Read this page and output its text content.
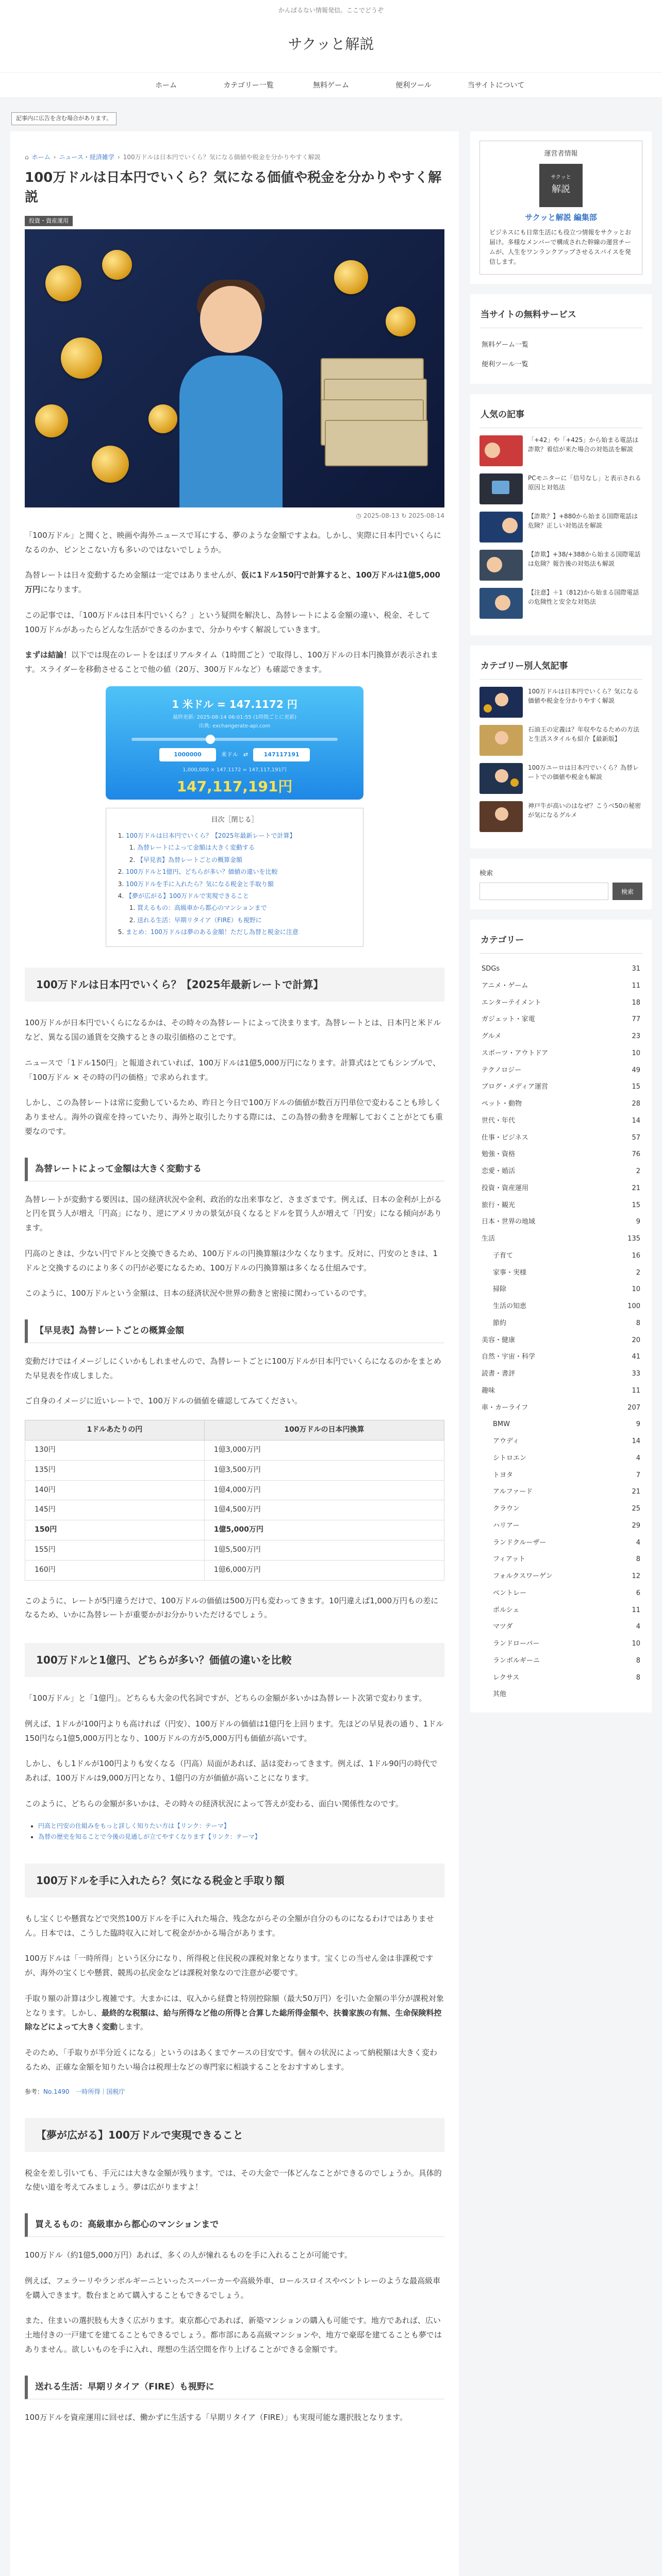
かんぱるない情報発信。ここでどうぞ
サクッと解説
ホーム	カテゴリー一覧	無料ゲーム	便利ツール	当サイトについて
記事内に広告を含む場合があります。
⌂ ホーム › ニュース・経済雑学 › 100万ドルは日本円でいくら？気になる価値や税金を分かりやすく解説
100万ドルは日本円でいくら？気になる価値や税金を分かりやすく解説
投資・資産運用
◷ 2025-08-13 ↻ 2025-08-14

「100万ドル」と聞くと、映画や海外ニュースで耳にする、夢のような金額ですよね。しかし、実際に日本円でいくらになるのか、ピンとこない方も多いのではないでしょうか。

為替レートは日々変動するため金額は一定ではありませんが、仮に1ドル150円で計算すると、100万ドルは1億5,000万円になります。

この記事では、「100万ドルは日本円でいくら？」という疑問を解決し、為替レートによる金額の違い、税金、そして100万ドルがあったらどんな生活ができるのかまで、分かりやすく解説していきます。

まずは結論！以下では現在のレートをほぼリアルタイム（1時間ごと）で取得し、100万ドルの日本円換算が表示されます。スライダーを移動させることで他の値（20万、300万ドルなど）も確認できます。

1 米ドル = 147.1172 円
最終更新: 2025-08-14 06:01:55 (1時間ごとに更新)
出典: exchangerate-api.com
1000000	米ドル ⇄	147117191
1,000,000 × 147.1172 = 147,117,191円
147,117,191円
目次［閉じる］
1. 100万ドルは日本円でいくら？【2025年最新レートで計算】
1. 為替レートによって金額は大きく変動する
2. 【早見表】為替レートごとの概算金額
2. 100万ドルと1億円、どちらが多い？価値の違いを比較
3. 100万ドルを手に入れたら？気になる税金と手取り額
4. 【夢が広がる】100万ドルで実現できること
1. 買えるもの：高級車から都心のマンションまで
2. 送れる生活：早期リタイア（FIRE）も視野に
5. まとめ：100万ドルは夢のある金額！ただし為替と税金に注意
100万ドルは日本円でいくら？【2025年最新レートで計算】

100万ドルが日本円でいくらになるかは、その時々の為替レートによって決まります。為替レートとは、日本円と米ドルなど、異なる国の通貨を交換するときの取引価格のことです。

ニュースで「1ドル150円」と報道されていれば、100万ドルは1億5,000万円になります。計算式はとてもシンプルで、「100万ドル × その時の円の価格」で求められます。

しかし、この為替レートは常に変動しているため、昨日と今日で100万ドルの価値が数百万円単位で変わることも珍しくありません。海外の資産を持っていたり、海外と取引したりする際には、この為替の動きを理解しておくことがとても重要なのです。

為替レートによって金額は大きく変動する

為替レートが変動する要因は、国の経済状況や金利、政治的な出来事など、さまざまです。例えば、日本の金利が上がると円を買う人が増え「円高」になり、逆にアメリカの景気が良くなるとドルを買う人が増えて「円安」になる傾向があります。

円高のときは、少ない円でドルと交換できるため、100万ドルの円換算額は少なくなります。反対に、円安のときは、1ドルと交換するのにより多くの円が必要になるため、100万ドルの円換算額は多くなる仕組みです。

このように、100万ドルという金額は、日本の経済状況や世界の動きと密接に関わっているのです。

【早見表】為替レートごとの概算金額

変動だけではイメージしにくいかもしれませんので、為替レートごとに100万ドルが日本円でいくらになるのかをまとめた早見表を作成しました。

ご自身のイメージに近いレートで、100万ドルの価値を確認してみてください。

1ドルあたりの円	100万ドルの日本円換算
130円	1億3,000万円
135円	1億3,500万円
140円	1億4,000万円
145円	1億4,500万円
150円	1億5,000万円
155円	1億5,500万円
160円	1億6,000万円

このように、レートが5円違うだけで、100万ドルの価値は500万円も変わってきます。10円違えば1,000万円もの差になるため、いかに為替レートが重要かがお分かりいただけるでしょう。

100万ドルと1億円、どちらが多い？価値の違いを比較

「100万ドル」と「1億円」。どちらも大金の代名詞ですが、どちらの金額が多いかは為替レート次第で変わります。

例えば、1ドルが100円よりも高ければ（円安）、100万ドルの価値は1億円を上回ります。先ほどの早見表の通り、1ドル150円なら1億5,000万円となり、100万ドルの方が5,000万円も価値が高いです。

しかし、もし1ドルが100円よりも安くなる（円高）局面があれば、話は変わってきます。例えば、1ドル90円の時代であれば、100万ドルは9,000万円となり、1億円の方が価値が高いことになります。

このように、どちらの金額が多いかは、その時々の経済状況によって答えが変わる、面白い関係性なのです。

• 円高と円安の仕組みをもっと詳しく知りたい方は【リンク：テーマ】
• 為替の歴史を知ることで今後の見通しが立てやすくなります【リンク：テーマ】
100万ドルを手に入れたら？気になる税金と手取り額

もし宝くじや懸賞などで突然100万ドルを手に入れた場合、残念ながらその全額が自分のものになるわけではありません。日本では、こうした臨時収入に対して税金がかかる場合があります。

100万ドルは「一時所得」という区分になり、所得税と住民税の課税対象となります。宝くじの当せん金は非課税ですが、海外の宝くじや懸賞、競馬の払戻金などは課税対象なので注意が必要です。

手取り額の計算は少し複雑です。大まかには、収入から経費と特別控除額（最大50万円）を引いた金額の半分が課税対象となります。しかし、最終的な税額は、給与所得など他の所得と合算した総所得金額や、扶養家族の有無、生命保険料控除などによって大きく変動します。

そのため、「手取りが半分近くになる」というのはあくまでケースの目安です。個々の状況によって納税額は大きく変わるため、正確な金額を知りたい場合は税理士などの専門家に相談することをおすすめします。

参考：No.1490　一時所得｜国税庁

【夢が広がる】100万ドルで実現できること

税金を差し引いても、手元には大きな金額が残ります。では、その大金で一体どんなことができるのでしょうか。具体的な使い道を考えてみましょう。夢は広がりますよ！

買えるもの：高級車から都心のマンションまで

100万ドル（約1億5,000万円）あれば、多くの人が憧れるものを手に入れることが可能です。

例えば、フェラーリやランボルギーニといったスーパーカーや高級外車、ロールスロイスやベントレーのような最高級車を購入できます。数台まとめて購入することもできるでしょう。

また、住まいの選択肢も大きく広がります。東京都心であれば、新築マンションの購入も可能です。地方であれば、広い土地付きの一戸建てを建てることもできるでしょう。都市部にある高級マンションや、地方で豪邸を建てることも夢ではありません。欲しいものを手に入れ、理想の生活空間を作り上げることができる金額です。

送れる生活：早期リタイア（FIRE）も視野に

100万ドルを資産運用に回せば、働かずに生活する「早期リタイア（FIRE）」も実現可能な選択肢となります。

運営者情報
サクッと
解説
サクッと解説 編集部
ビジネスにも日常生活にも役立つ情報をサクッとお届け。多様なメンバーで構成された幹線の運営チームが、人生をワンランクアップさせるスパイスを発信します。
当サイトの無料サービス
無料ゲーム一覧
便利ツール一覧
人気の記事
「+42」や「+425」から始まる電話は詐欺？着信が来た場合の対処法を解説
PCモニターに「信号なし」と表示される原因と対処法
【詐欺？】+880から始まる国際電話は危険？正しい対処法を解説
【詐欺】+38/+388から始まる国際電話は危険？報告後の対処法も解説
【注意】＋1（812)から始まる国際電話の危険性と安全な対処法
カテゴリー別人気記事
100万ドルは日本円でいくら？気になる価値や税金を分かりやすく解説
石油王の定義は？年収やなるための方法と生活スタイルも紹介【最新版】
100万ユーロは日本円でいくら？為替レートでの価値や税金も解説
神戸牛が高いのはなぜ？こうべ50の秘密が気になるグルメ
検索
検索
カテゴリー
SDGs	31
アニメ・ゲーム	11
エンターテイメント	18
ガジェット・家電	77
グルメ	23
スポーツ・アウトドア	10
テクノロジー	49
ブログ・メディア運営	15
ペット・動物	28
世代・年代	14
仕事・ビジネス	57
勉強・資格	76
恋愛・婚活	2
投資・資産運用	21
旅行・観光	15
日本・世界の地域	9
生活	135
子育て	16
家事・実様	2
掃除	10
生活の知恵	100
節約	8
美容・健康	20
自然・宇宙・科学	41
読書・書評	33
趣味	11
車・カーライフ	207
BMW	9
アウディ	14
シトロエン	4
トヨタ	7
アルファード	21
クラウン	25
ハリアー	29
ランドクルーザー	4
フィアット	8
フォルクスワーゲン	12
ベントレー	6
ポルシェ	11
マツダ	4
ランドローバー	10
ランボルギーニ	8
レクサス	8
其他
